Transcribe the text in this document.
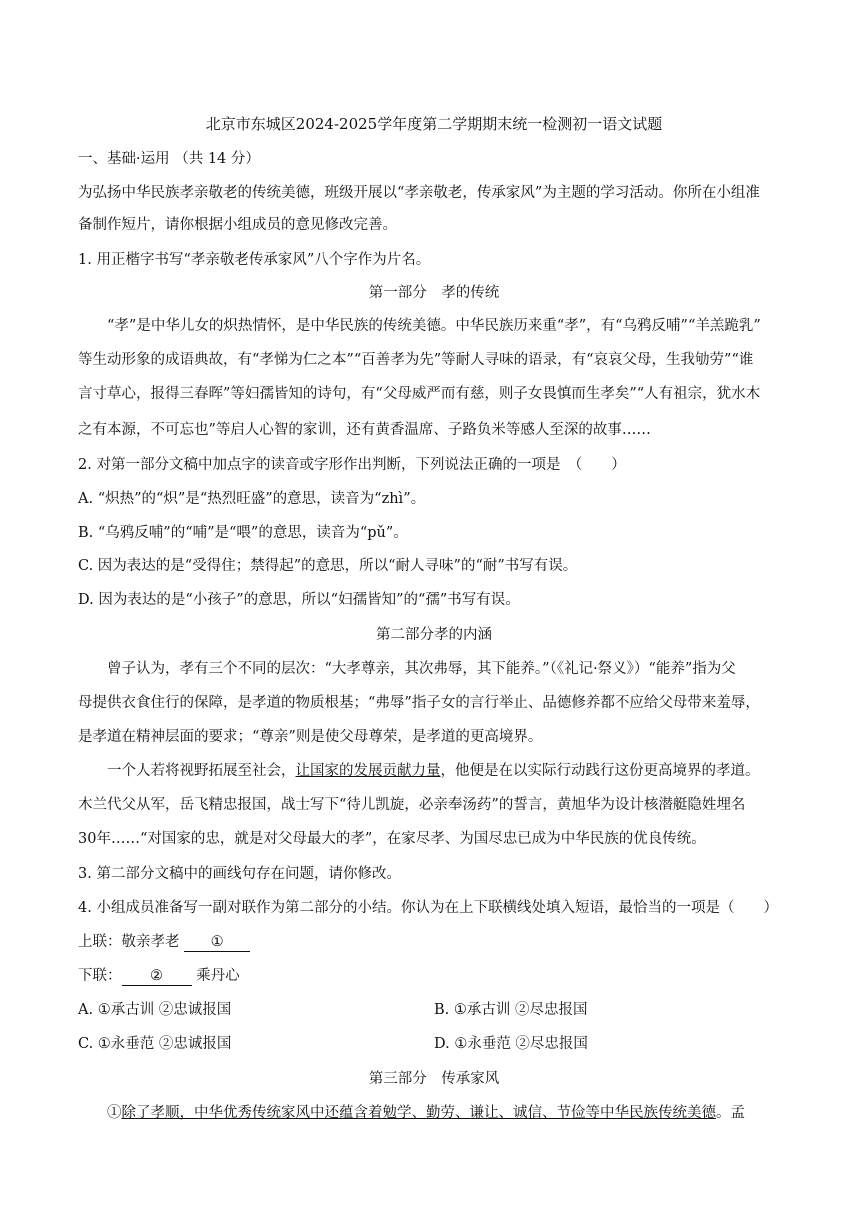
北京市东城区2024-2025学年度第二学期期末统一检测初一语文试题
一、基础·运用 （共 14 分）
为弘扬中华民族孝亲敬老的传统美德，班级开展以“孝亲敬老，传承家风”为主题的学习活动。你所在小组准
备制作短片，请你根据小组成员的意见修改完善。
1. 用正楷字书写“孝亲敬老传承家风”八个字作为片名。
第一部分　孝的传统
“孝”是中华儿女的炽热情怀，是中华民族的传统美德。中华民族历来重“孝”，有“乌鸦反哺”“羊羔跪乳”
等生动形象的成语典故，有“孝悌为仁之本”“百善孝为先”等耐人寻味的语录，有“哀哀父母，生我劬劳”“谁
言寸草心，报得三春晖”等妇孺皆知的诗句，有“父母威严而有慈，则子女畏慎而生孝矣”“人有祖宗，犹水木
之有本源，不可忘也”等启人心智的家训，还有黄香温席、子路负米等感人至深的故事……
2. 对第一部分文稿中加点字的读音或字形作出判断，下列说法正确的一项是　（　　）
A. “炽热”的“炽”是“热烈旺盛”的意思，读音为“zhì”。
B. “乌鸦反哺”的“哺”是“喂”的意思，读音为“pǔ”。
C. 因为表达的是“受得住；禁得起”的意思，所以“耐人寻味”的“耐”书写有误。
D. 因为表达的是“小孩子”的意思，所以“妇孺皆知”的“孺”书写有误。
第二部分孝的内涵
曾子认为，孝有三个不同的层次：“大孝尊亲，其次弗辱，其下能养。”（《礼记·祭义》）“能养”指为父
母提供衣食住行的保障，是孝道的物质根基；“弗辱”指子女的言行举止、品德修养都不应给父母带来羞辱，
是孝道在精神层面的要求；“尊亲”则是使父母尊荣，是孝道的更高境界。
一个人若将视野拓展至社会，让国家的发展贡献力量，他便是在以实际行动践行这份更高境界的孝道。
木兰代父从军，岳飞精忠报国，战士写下“待儿凯旋，必亲奉汤药”的誓言，黄旭华为设计核潜艇隐姓埋名
30年……“对国家的忠，就是对父母最大的孝”，在家尽孝、为国尽忠已成为中华民族的优良传统。
3. 第二部分文稿中的画线句存在问题，请你修改。
4. 小组成员准备写一副对联作为第二部分的小结。你认为在上下联横线处填入短语，最恰当的一项是（　　）
上联：敬亲孝老 ①
下联： ② 乘丹心
A. ①承古训 ②忠诚报国	B. ①承古训 ②尽忠报国
C. ①永垂范 ②忠诚报国	D. ①永垂范 ②尽忠报国
第三部分　传承家风
①除了孝顺，中华优秀传统家风中还蕴含着勉学、勤劳、谦让、诚信、节俭等中华民族传统美德。孟
